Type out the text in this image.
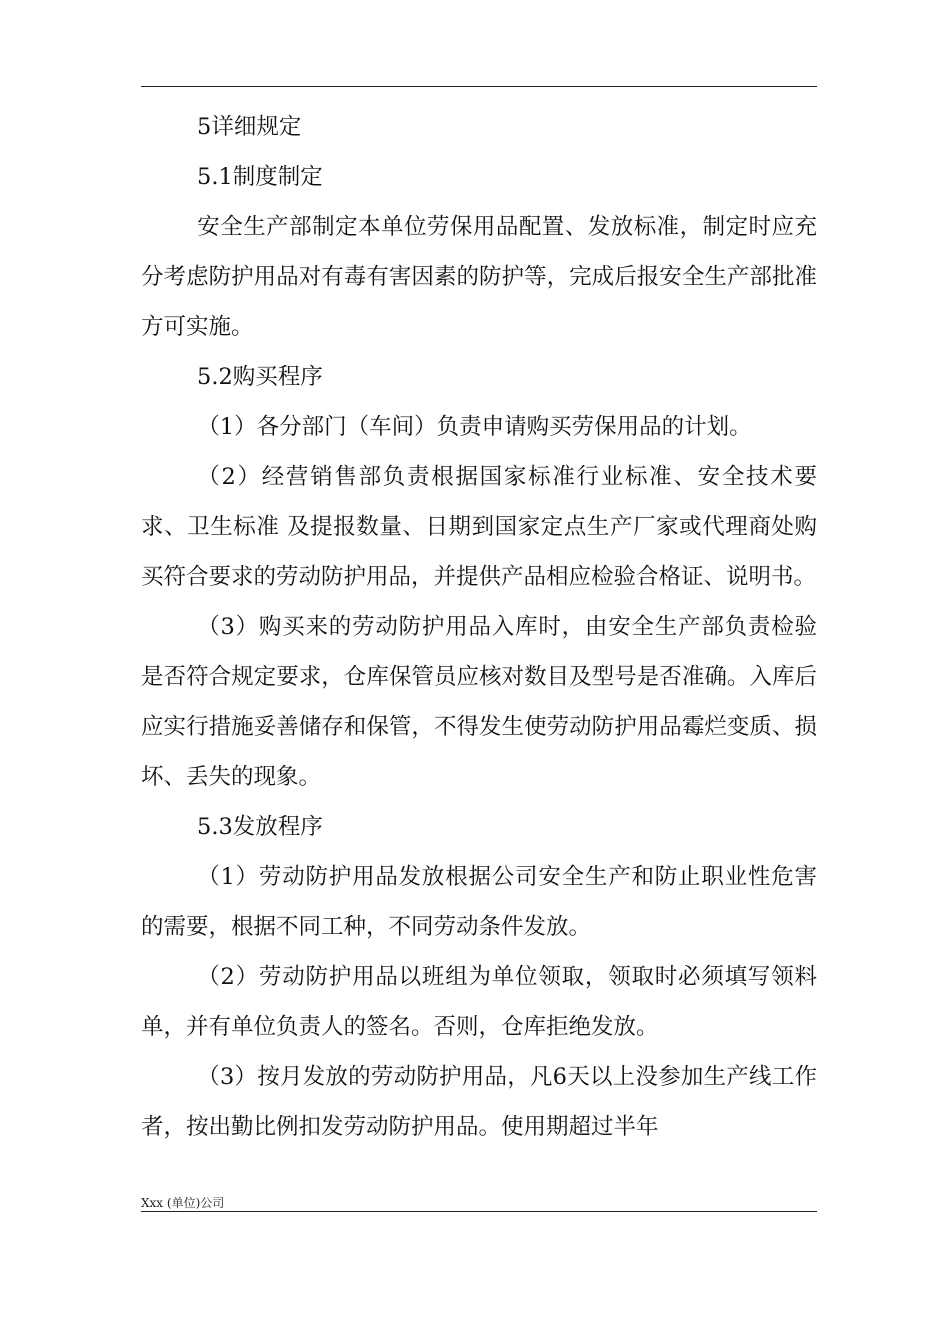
5详细规定

5.1制度制定

安全生产部制定本单位劳保用品配置、发放标准，制定时应充分考虑防护用品对有毒有害因素的防护等，完成后报安全生产部批准方可实施。

5.2购买程序

（1）各分部门（车间）负责申请购买劳保用品的计划。

（2）经营销售部负责根据国家标准行业标准、安全技术要求、卫生标准 及提报数量、日期到国家定点生产厂家或代理商处购买符合要求的劳动防护用品，并提供产品相应检验合格证、说明书。

（3）购买来的劳动防护用品入库时，由安全生产部负责检验是否符合规定要求，仓库保管员应核对数目及型号是否准确。入库后应实行措施妥善储存和保管，不得发生使劳动防护用品霉烂变质、损坏、丢失的现象。

5.3发放程序

（1）劳动防护用品发放根据公司安全生产和防止职业性危害的需要，根据不同工种，不同劳动条件发放。

（2）劳动防护用品以班组为单位领取，领取时必须填写领料单，并有单位负责人的签名。否则，仓库拒绝发放。

（3）按月发放的劳动防护用品，凡6天以上没参加生产线工作者，按出勤比例扣发劳动防护用品。使用期超过半年

Xxx (单位)公司
